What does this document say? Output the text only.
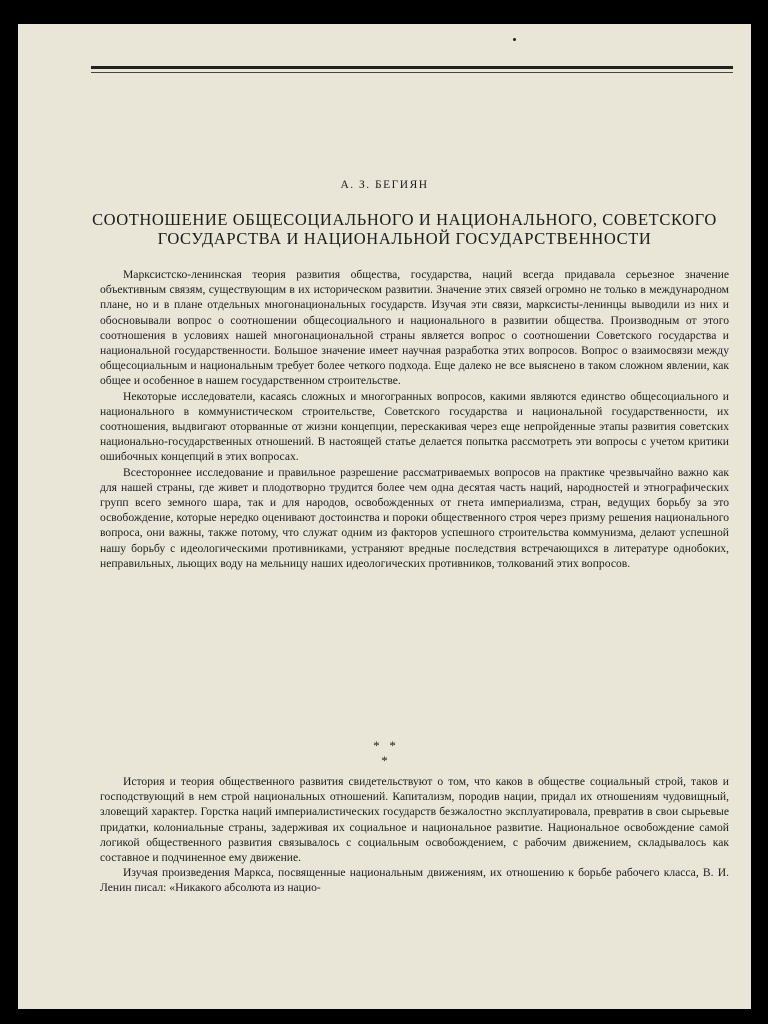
А. З. БЕГИЯН
СООТНОШЕНИЕ ОБЩЕСОЦИАЛЬНОГО И НАЦИОНАЛЬНОГО, СОВЕТСКОГО ГОСУДАРСТВА И НАЦИОНАЛЬНОЙ ГОСУДАРСТВЕННОСТИ

Марксистско-ленинская теория развития общества, государства, наций всегда придавала серьезное значение объективным связям, существующим в их историческом развитии. Значение этих связей огромно не только в международном плане, но и в плане отдельных многонациональных государств. Изучая эти связи, марксисты-ленинцы выводили из них и обосновывали вопрос о соотношении общесоциального и национального в развитии общества. Производным от этого соотношения в условиях нашей многонациональной страны является вопрос о соотношении Советского государства и национальной государственности. Большое значение имеет научная разработка этих вопросов. Вопрос о взаимосвязи между общесоциальным и национальным требует более четкого подхода. Еще далеко не все выяснено в таком сложном явлении, как общее и особенное в нашем государственном строительстве.

Некоторые исследователи, касаясь сложных и многогранных вопросов, какими являются единство общесоциального и национального в коммунистическом строительстве, Советского государства и национальной государственности, их соотношения, выдвигают оторванные от жизни концепции, перескакивая через еще непройденные этапы развития советских национально-государственных отношений. В настоящей статье делается попытка рассмотреть эти вопросы с учетом критики ошибочных концепций в этих вопросах.

Всестороннее исследование и правильное разрешение рассматриваемых вопросов на практике чрезвычайно важно как для нашей страны, где живет и плодотворно трудится более чем одна десятая часть наций, народностей и этнографических групп всего земного шара, так и для народов, освобожденных от гнета империализма, стран, ведущих борьбу за это освобождение, которые нередко оценивают достоинства и пороки общественного строя через призму решения национального вопроса, они важны, также потому, что служат одним из факторов успешного строительства коммунизма, делают успешной нашу борьбу с идеологическими противниками, устраняют вредные последствия встречающихся в литературе однобоких, неправильных, льющих воду на мельницу наших идеологических противников, толкований этих вопросов.

*   *
*

История и теория общественного развития свидетельствуют о том, что каков в обществе социальный строй, таков и господствующий в нем строй национальных отношений. Капитализм, породив нации, придал их отношениям чудовищный, зловещий характер. Горстка наций империалистических государств безжалостно эксплуатировала, превратив в свои сырьевые придатки, колониальные страны, задерживая их социальное и национальное развитие. Национальное освобождение самой логикой общественного развития связывалось с социальным освобождением, с рабочим движением, складывалось как составное и подчиненное ему движение.

Изучая произведения Маркса, посвященные национальным движениям, их отношению к борьбе рабочего класса, В. И. Ленин писал: «Никакого абсолюта из нацио-
